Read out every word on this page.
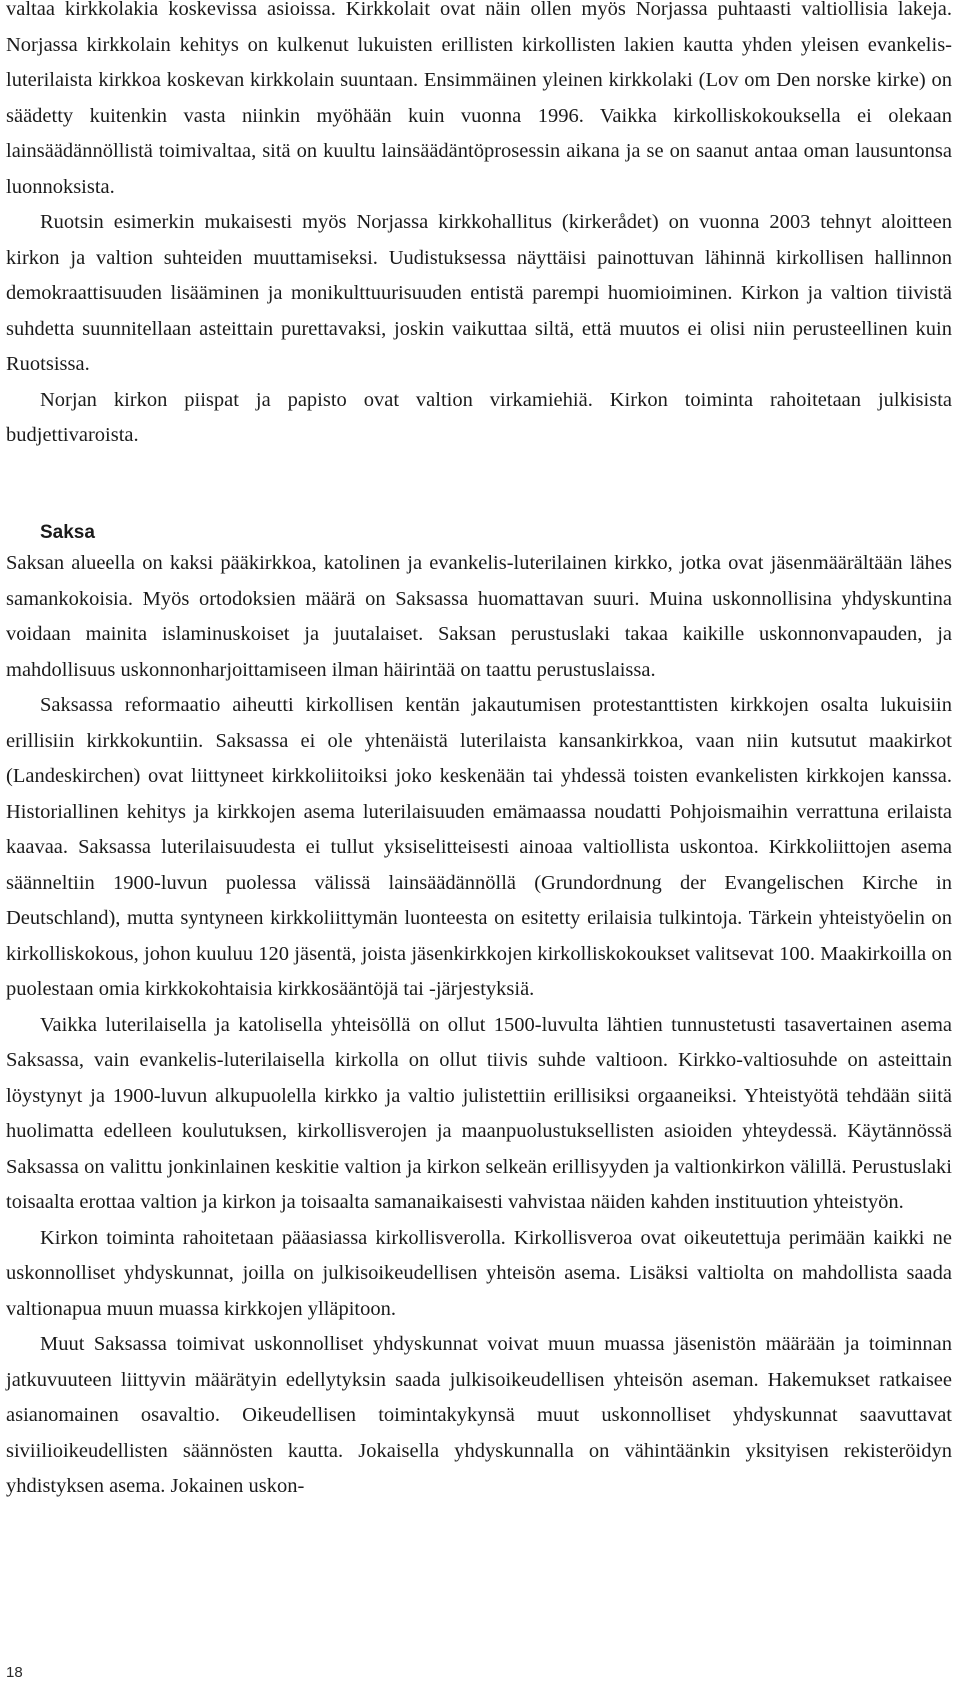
valtaa kirkkolakia koskevissa asioissa. Kirkkolait ovat näin ollen myös Norjassa puhtaasti valtiollisia lakeja. Norjassa kirkkolain kehitys on kulkenut lukuisten erillisten kirkollisten lakien kautta yhden yleisen evankelis-luterilaista kirkkoa koskevan kirkkolain suuntaan. Ensimmäinen yleinen kirkkolaki (Lov om Den norske kirke) on säädetty kuitenkin vasta niinkin myöhään kuin vuonna 1996. Vaikka kirkolliskokouksella ei olekaan lainsäädännöllistä toimivaltaa, sitä on kuultu lainsäädäntöprosessin aikana ja se on saanut antaa oman lausuntonsa luonnoksista.

Ruotsin esimerkin mukaisesti myös Norjassa kirkkohallitus (kirkerådet) on vuonna 2003 tehnyt aloitteen kirkon ja valtion suhteiden muuttamiseksi. Uudistuksessa näyttäisi painottuvan lähinnä kirkollisen hallinnon demokraattisuuden lisääminen ja monikulttuurisuuden entistä parempi huomioiminen. Kirkon ja valtion tiivistä suhdetta suunnitellaan asteittain purettavaksi, joskin vaikuttaa siltä, että muutos ei olisi niin perusteellinen kuin Ruotsissa.

Norjan kirkon piispat ja papisto ovat valtion virkamiehiä. Kirkon toiminta rahoitetaan julkisista budjettivaroista.

Saksa

Saksan alueella on kaksi pääkirkkoa, katolinen ja evankelis-luterilainen kirkko, jotka ovat jäsenmäärältään lähes samankokoisia. Myös ortodoksien määrä on Saksassa huomattavan suuri. Muina uskonnollisina yhdyskuntina voidaan mainita islaminuskoiset ja juutalaiset. Saksan perustuslaki takaa kaikille uskonnonvapauden, ja mahdollisuus uskonnonharjoittamiseen ilman häirintää on taattu perustuslaissa.

Saksassa reformaatio aiheutti kirkollisen kentän jakautumisen protestanttisten kirkkojen osalta lukuisiin erillisiin kirkkokuntiin. Saksassa ei ole yhtenäistä luterilaista kansankirkkoa, vaan niin kutsutut maakirkot (Landeskirchen) ovat liittyneet kirkkoliitoiksi joko keskenään tai yhdessä toisten evankelisten kirkkojen kanssa. Historiallinen kehitys ja kirkkojen asema luterilaisuuden emämaassa noudatti Pohjoismaihin verrattuna erilaista kaavaa. Saksassa luterilaisuudesta ei tullut yksiselitteisesti ainoaa valtiollista uskontoa. Kirkkoliittojen asema säänneltiin 1900-luvun puolessa välissä lainsäädännöllä (Grundordnung der Evangelischen Kirche in Deutschland), mutta syntyneen kirkkoliittymän luonteesta on esitetty erilaisia tulkintoja. Tärkein yhteistyöelin on kirkolliskokous, johon kuuluu 120 jäsentä, joista jäsenkirkkojen kirkolliskokoukset valitsevat 100. Maakirkoilla on puolestaan omia kirkkokohtaisia kirkkosääntöjä tai -järjestyksiä.

Vaikka luterilaisella ja katolisella yhteisöllä on ollut 1500-luvulta lähtien tunnustetusti tasavertainen asema Saksassa, vain evankelis-luterilaisella kirkolla on ollut tiivis suhde valtioon. Kirkko-valtiosuhde on asteittain löystynyt ja 1900-luvun alkupuolella kirkko ja valtio julistettiin erillisiksi orgaaneiksi. Yhteistyötä tehdään siitä huolimatta edelleen koulutuksen, kirkollisverojen ja maanpuolustuksellisten asioiden yhteydessä. Käytännössä Saksassa on valittu jonkinlainen keskitie valtion ja kirkon selkeän erillisyyden ja valtionkirkon välillä. Perustuslaki toisaalta erottaa valtion ja kirkon ja toisaalta samanaikaisesti vahvistaa näiden kahden instituution yhteistyön.

Kirkon toiminta rahoitetaan pääasiassa kirkollisverolla. Kirkollisveroa ovat oikeutettuja perimään kaikki ne uskonnolliset yhdyskunnat, joilla on julkisoikeudellisen yhteisön asema. Lisäksi valtiolta on mahdollista saada valtionapua muun muassa kirkkojen ylläpitoon.

Muut Saksassa toimivat uskonnolliset yhdyskunnat voivat muun muassa jäsenistön määrään ja toiminnan jatkuvuuteen liittyvin määrätyin edellytyksin saada julkisoikeudellisen yhteisön aseman. Hakemukset ratkaisee asianomainen osavaltio. Oikeudellisen toimintakykynsä muut uskonnolliset yhdyskunnat saavuttavat siviilioikeudellisten säännösten kautta. Jokaisella yhdyskunnalla on vähintäänkin yksityisen rekisteröidyn yhdistyksen asema. Jokainen uskon-

18
